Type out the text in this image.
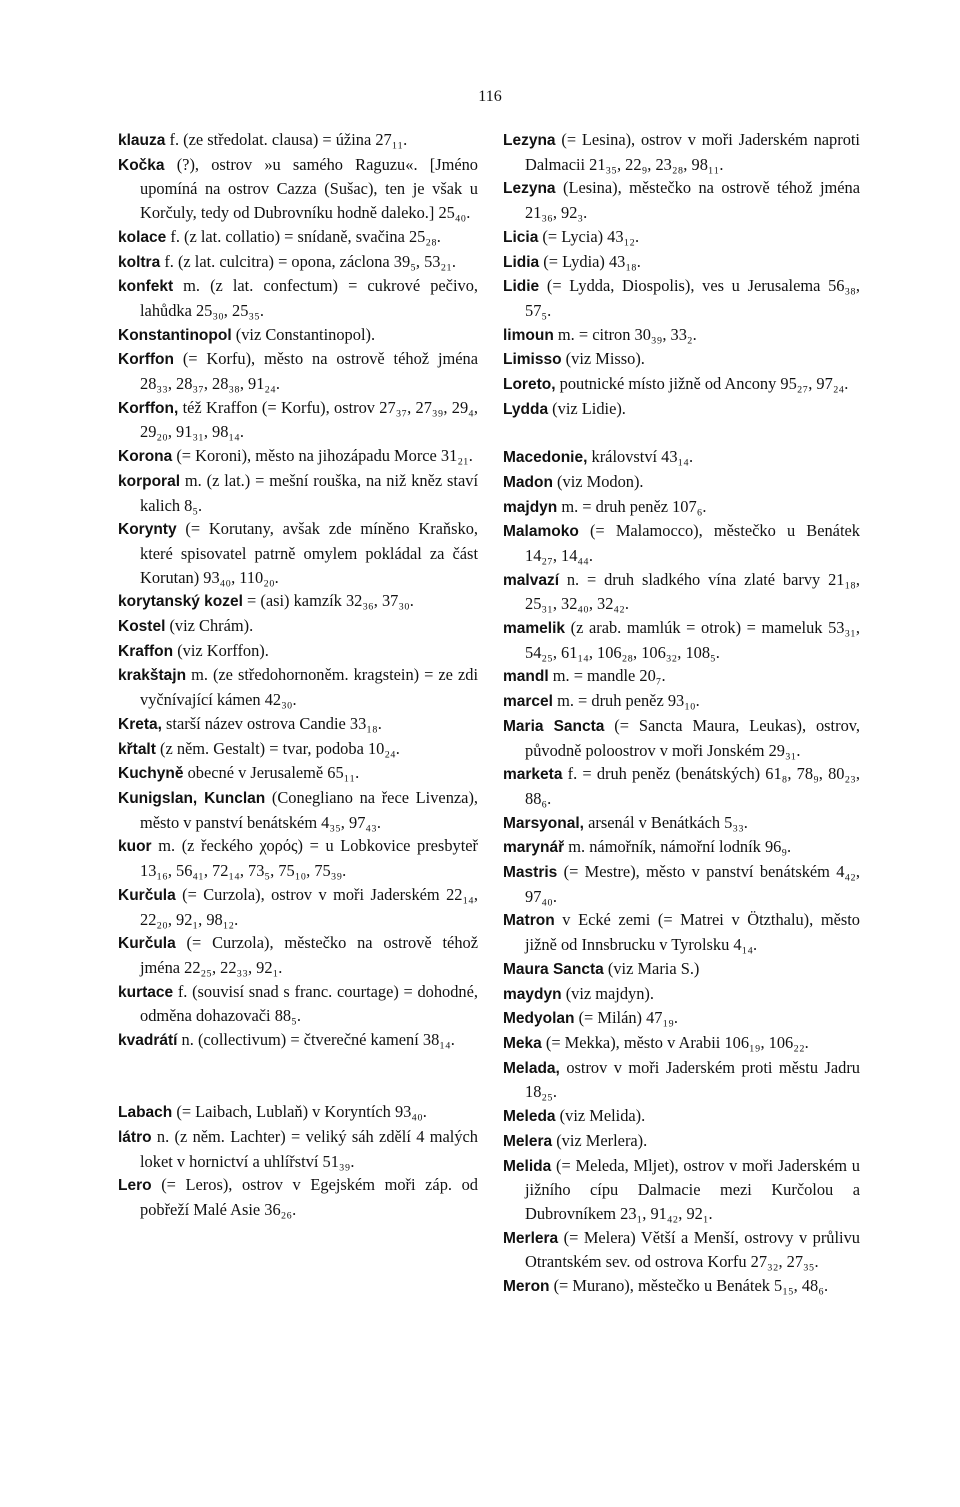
116

klauza f. (ze středolat. clausa) = úžina 27₁₁.

Kočka (?), ostrov »u samého Raguzu«. [Jméno upomíná na ostrov Cazza (Sušac), ten je však u Korčuly, tedy od Dubrovníku hodně daleko.] 25₄₀.

kolace f. (z lat. collatio) = snídaně, svačina 25₂₈.

koltra f. (z lat. culcitra) = opona, záclona 39₅, 53₂₁.

konfekt m. (z lat. confectum) = cukrové pečivo, lahůdka 25₃₀, 25₃₅.

Konstantinopol (viz Constantinopol).

Korffon (= Korfu), město na ostrově téhož jména 28₃₃, 28₃₇, 28₃₈, 91₂₄.

Korffon, též Kraffon (= Korfu), ostrov 27₃₇, 27₃₉, 29₄, 29₂₀, 91₃₁, 98₁₄.

Korona (= Koroni), město na jihozápadu Morce 31₂₁.

korporal m. (z lat.) = mešní rouška, na niž kněz staví kalich 8₅.

Korynty (= Korutany, avšak zde míněno Kraňsko, které spisovatel patrně omylem pokládal za část Korutan) 93₄₀, 110₂₀.

korytanský kozel = (asi) kamzík 32₃₆, 37₃₀.

Kostel (viz Chrám).

Kraffon (viz Korffon).

krakštajn m. (ze středohornoněm. kragstein) = ze zdi vyčnívající kámen 42₃₀.

Kreta, starší název ostrova Candie 33₁₈.

křtalt (z něm. Gestalt) = tvar, podoba 10₂₄.

Kuchyně obecné v Jerusalemě 65₁₁.

Kunigslan, Kunclan (Conegliano na řece Livenza), město v panství benátském 4₃₅, 97₄₃.

kuor m. (z řeckého χορός) = u Lobkovice presbyteř 13₁₆, 56₄₁, 72₁₄, 73₅, 75₁₀, 75₃₉.

Kurčula (= Curzola), ostrov v moři Jaderském 22₁₄, 22₂₀, 92₁, 98₁₂.

Kurčula (= Curzola), městečko na ostrově téhož jména 22₂₅, 22₃₃, 92₁.

kurtace f. (souvisí snad s franc. courtage) = dohodné, odměna dohazovači 88₅.

kvadrátí n. (collectivum) = čtverečné kamení 38₁₄.

Labach (= Laibach, Lublaň) v Koryntích 93₄₀.

látro n. (z něm. Lachter) = veliký sáh zdělí 4 malých loket v hornictví a uhlířství 51₃₉.

Lero (= Leros), ostrov v Egejském moři záp. od pobřeží Malé Asie 36₂₆.

Lezyna (= Lesina), ostrov v moři Jaderském naproti Dalmacii 21₃₅, 22₉, 23₂₈, 98₁₁.

Lezyna (Lesina), městečko na ostrově téhož jména 21₃₆, 92₃.

Licia (= Lycia) 43₁₂.

Lidia (= Lydia) 43₁₈.

Lidie (= Lydda, Diospolis), ves u Jerusalema 56₃₈, 57₅.

limoun m. = citron 30₃₉, 33₂.

Limisso (viz Misso).

Loreto, poutnické místo jižně od Ancony 95₂₇, 97₂₄.

Lydda (viz Lidie).

Macedonie, království 43₁₄.

Madon (viz Modon).

majdyn m. = druh peněz 107₆.

Malamoko (= Malamocco), městečko u Benátek 14₂₇, 14₄₄.

malvazí n. = druh sladkého vína zlaté barvy 21₁₈, 25₃₁, 32₄₀, 32₄₂.

mamelik (z arab. mamlúk = otrok) = mameluk 53₃₁, 54₂₅, 61₁₄, 106₂₈, 106₃₂, 108₅.

mandl m. = mandle 20₇.

marcel m. = druh peněz 93₁₀.

Maria Sancta (= Sancta Maura, Leukas), ostrov, původně poloostrov v moři Jonském 29₃₁.

marketa f. = druh peněz (benátských) 61₈, 78₉, 80₂₃, 88₆.

Marsyonal, arsenál v Benátkách 5₃₃.

marynář m. námořník, námořní lodník 96₉.

Mastris (= Mestre), město v panství benátském 4₄₂, 97₄₀.

Matron v Ecké zemi (= Matrei v Ötzthalu), město jižně od Innsbrucku v Tyrolsku 4₁₄.

Maura Sancta (viz Maria S.)

maydyn (viz majdyn).

Medyolan (= Milán) 47₁₉.

Meka (= Mekka), město v Arabii 106₁₉, 106₂₂.

Melada, ostrov v moři Jaderském proti městu Jadru 18₂₅.

Meleda (viz Melida).

Melera (viz Merlera).

Melida (= Meleda, Mljet), ostrov v moři Jaderském u jižního cípu Dalmacie mezi Kurčolou a Dubrovníkem 23₁, 91₄₂, 92₁.

Merlera (= Melera) Větší a Menší, ostrovy v průlivu Otrantském sev. od ostrova Korfu 27₃₂, 27₃₅.

Meron (= Murano), městečko u Benátek 5₁₅, 48₆.
